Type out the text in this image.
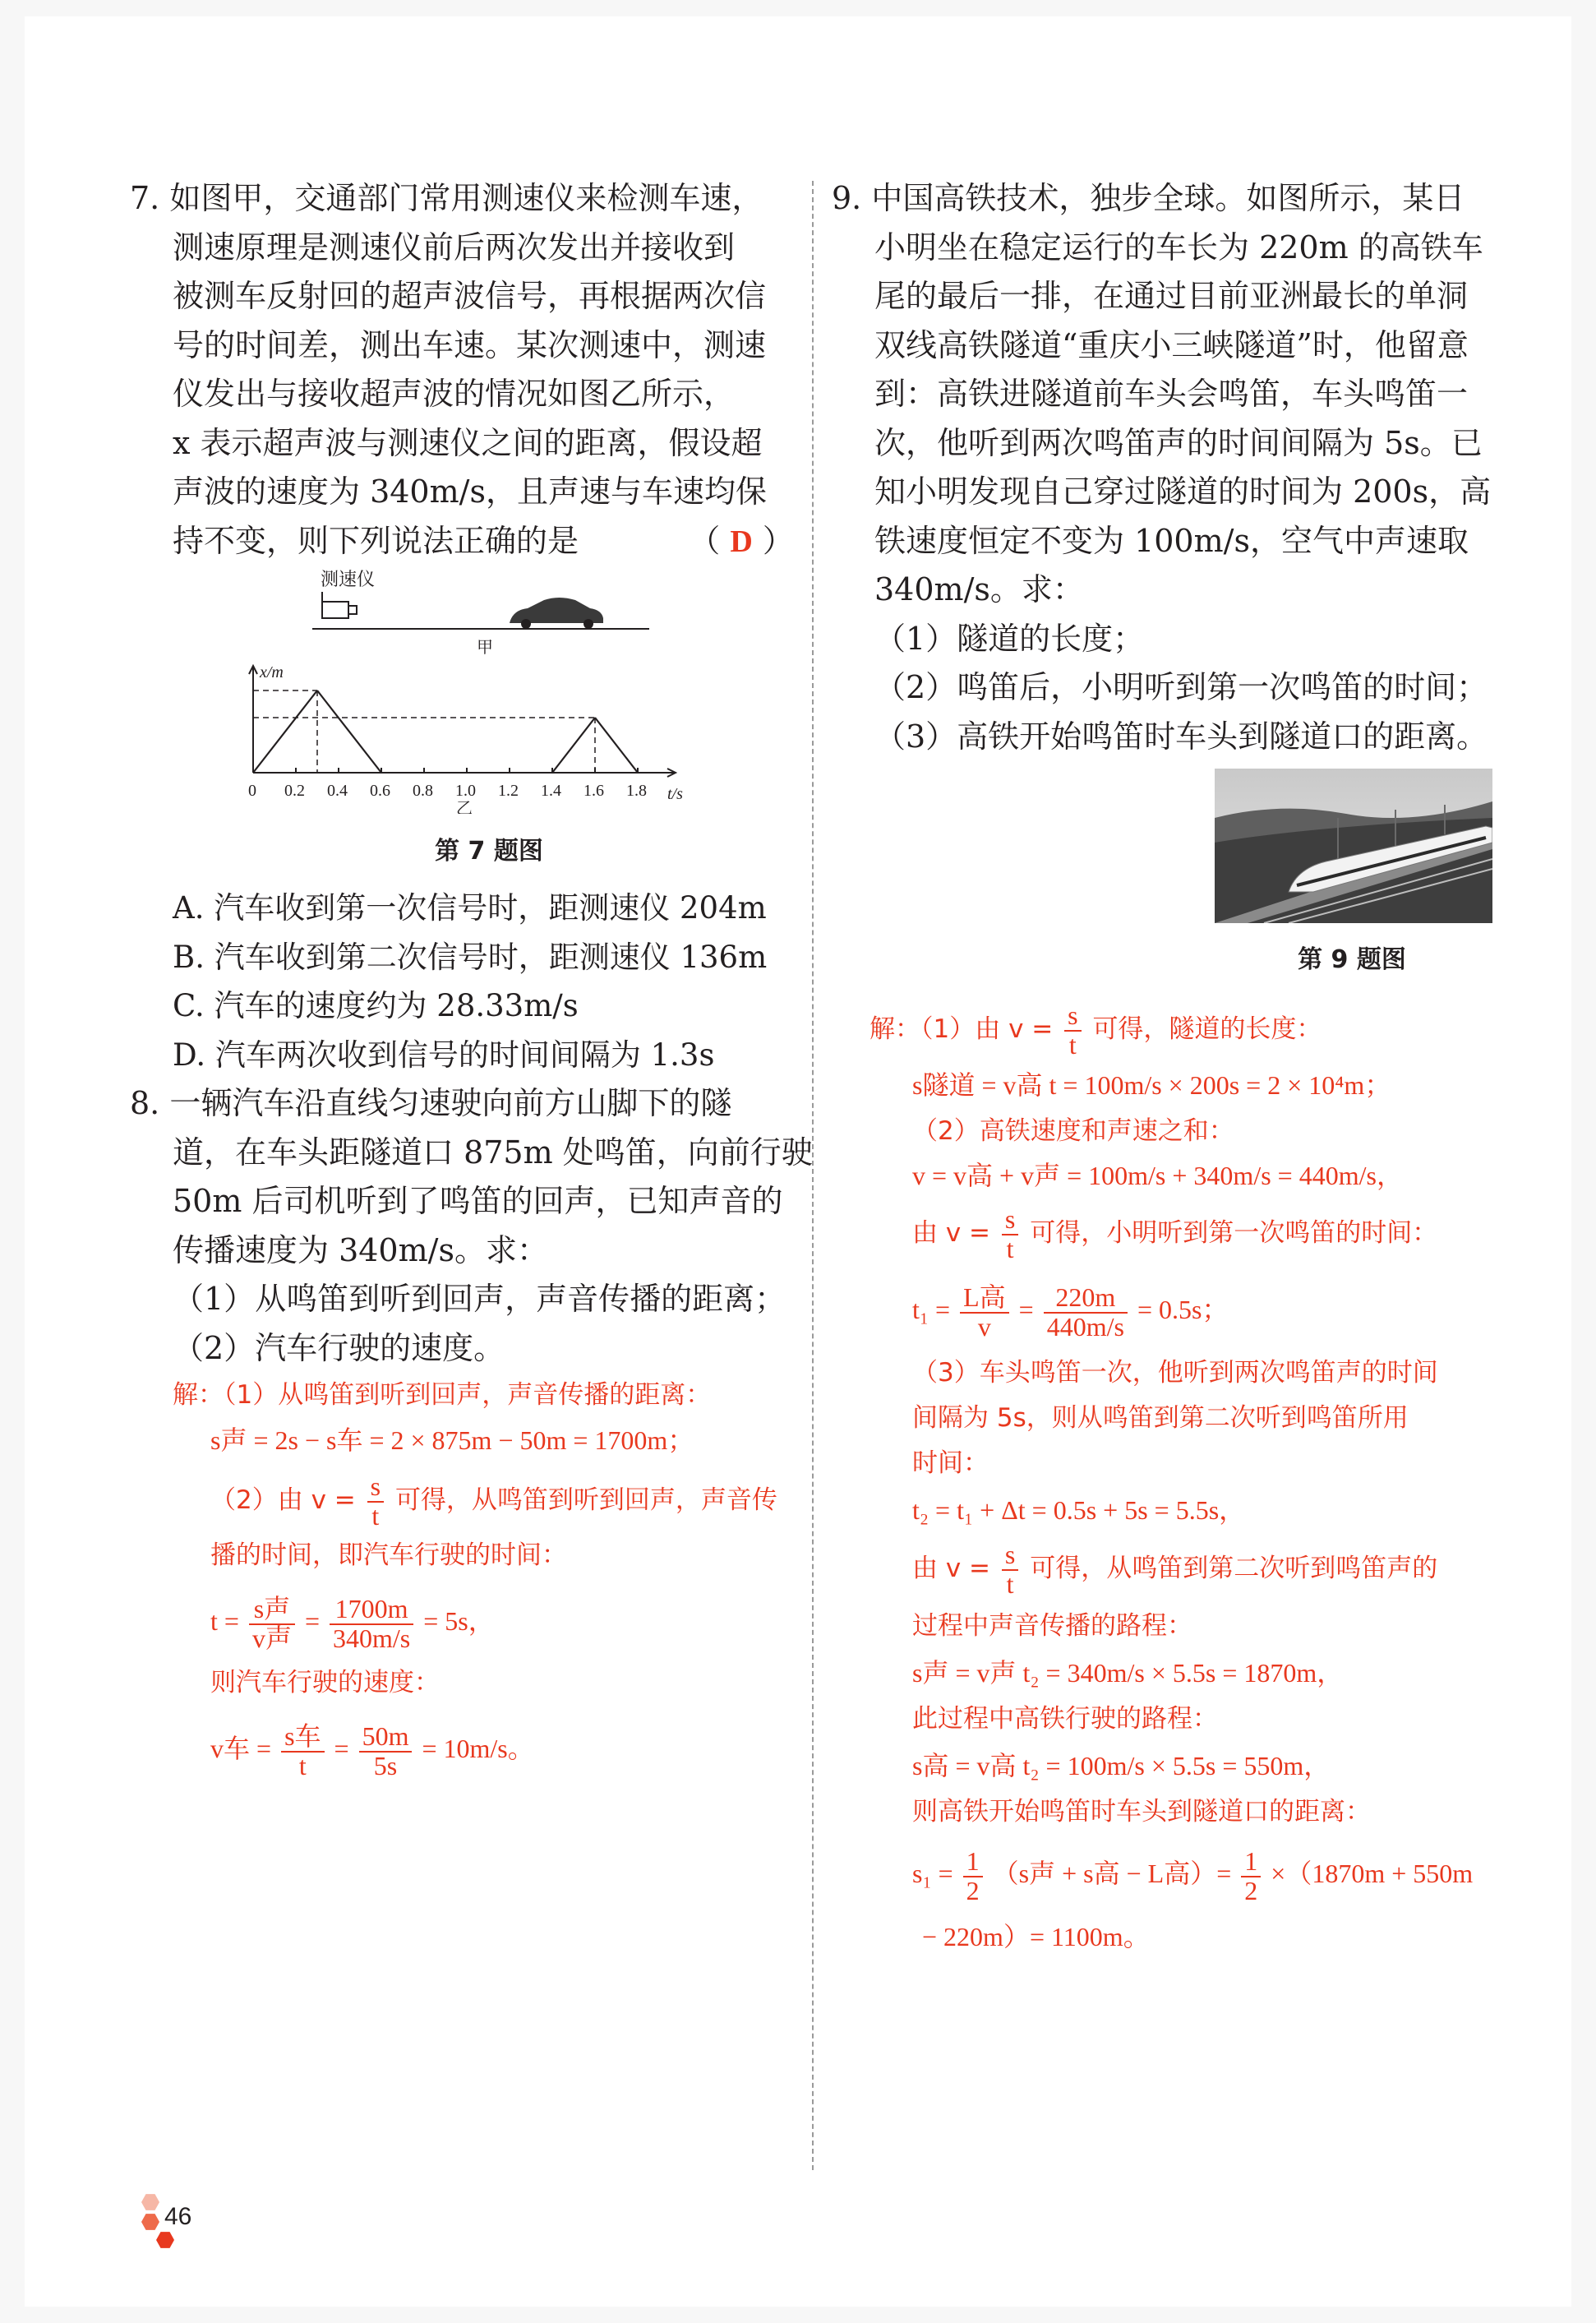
7. 如图甲，交通部门常用测速仪来检测车速，

测速原理是测速仪前后两次发出并接收到

被测车反射回的超声波信号，再根据两次信

号的时间差，测出车速。某次测速中，测速

仪发出与接收超声波的情况如图乙所示，

x 表示超声波与测速仪之间的距离，假设超

声波的速度为 340m/s，且声速与车速均保

持不变，则下列说法正确的是	（ D ）

测速仪
甲
x/m
t/s
0 0.2 0.4 0.6 0.8 1.0 1.2 1.4 1.6 1.8
乙
第 7 题图
A. 汽车收到第一次信号时，距测速仪 204m
B. 汽车收到第二次信号时，距测速仪 136m
C. 汽车的速度约为 28.33m/s
D. 汽车两次收到信号的时间间隔为 1.3s

8. 一辆汽车沿直线匀速驶向前方山脚下的隧

道，在车头距隧道口 875m 处鸣笛，向前行驶

50m 后司机听到了鸣笛的回声，已知声音的

传播速度为 340m/s。求：

（1）从鸣笛到听到回声，声音传播的距离；

（2）汽车行驶的速度。

解：（1）从鸣笛到听到回声，声音传播的距离：

s声 = 2s − s车 = 2 × 875m − 50m = 1700m；

（2）由 $v = \frac{s}{t}$ 可得，从鸣笛到听到回声，声音传

播的时间，即汽车行驶的时间：

$t = \frac{\text{s声}}{\text{v声}} = \frac{1700m}{340m/s} = 5s$，

则汽车行驶的速度：

v车 = $\frac{\text{s车}}{t} = \frac{50m}{5s} = 10m/s$。

9. 中国高铁技术，独步全球。如图所示，某日

小明坐在稳定运行的车长为 220m 的高铁车

尾的最后一排，在通过目前亚洲最长的单洞

双线高铁隧道“重庆小三峡隧道”时，他留意

到：高铁进隧道前车头会鸣笛，车头鸣笛一

次，他听到两次鸣笛声的时间间隔为 5s。已

知小明发现自己穿过隧道的时间为 200s，高

铁速度恒定不变为 100m/s，空气中声速取

340m/s。求：

（1）隧道的长度；

（2）鸣笛后，小明听到第一次鸣笛的时间；

（3）高铁开始鸣笛时车头到隧道口的距离。

第 9 题图

解：（1）由 $v = \frac{s}{t}$ 可得，隧道的长度：

s隧道 = v高 t = 100m/s × 200s = 2 × 10⁴m；

（2）高铁速度和声速之和：

v = v高 + v声 = 100m/s + 340m/s = 440m/s，

由 $v = \frac{s}{t}$ 可得，小明听到第一次鸣笛的时间：

$t_1 = \frac{\text{L高}}{v} = \frac{220m}{440m/s} = 0.5s$；

（3）车头鸣笛一次，他听到两次鸣笛声的时间

间隔为 5s，则从鸣笛到第二次听到鸣笛所用

时间：

t₂ = t₁ + Δt = 0.5s + 5s = 5.5s，

由 $v = \frac{s}{t}$ 可得，从鸣笛到第二次听到鸣笛声的

过程中声音传播的路程：

s声 = v声 t₂ = 340m/s × 5.5s = 1870m，

此过程中高铁行驶的路程：

s高 = v高 t₂ = 100m/s × 5.5s = 550m，

则高铁开始鸣笛时车头到隧道口的距离：

$s_1 = \frac{1}{2} (s$声 + s高 − L高）= $\frac{1}{2} \times(1870m + 550m$

− 220m）= 1100m。

46
